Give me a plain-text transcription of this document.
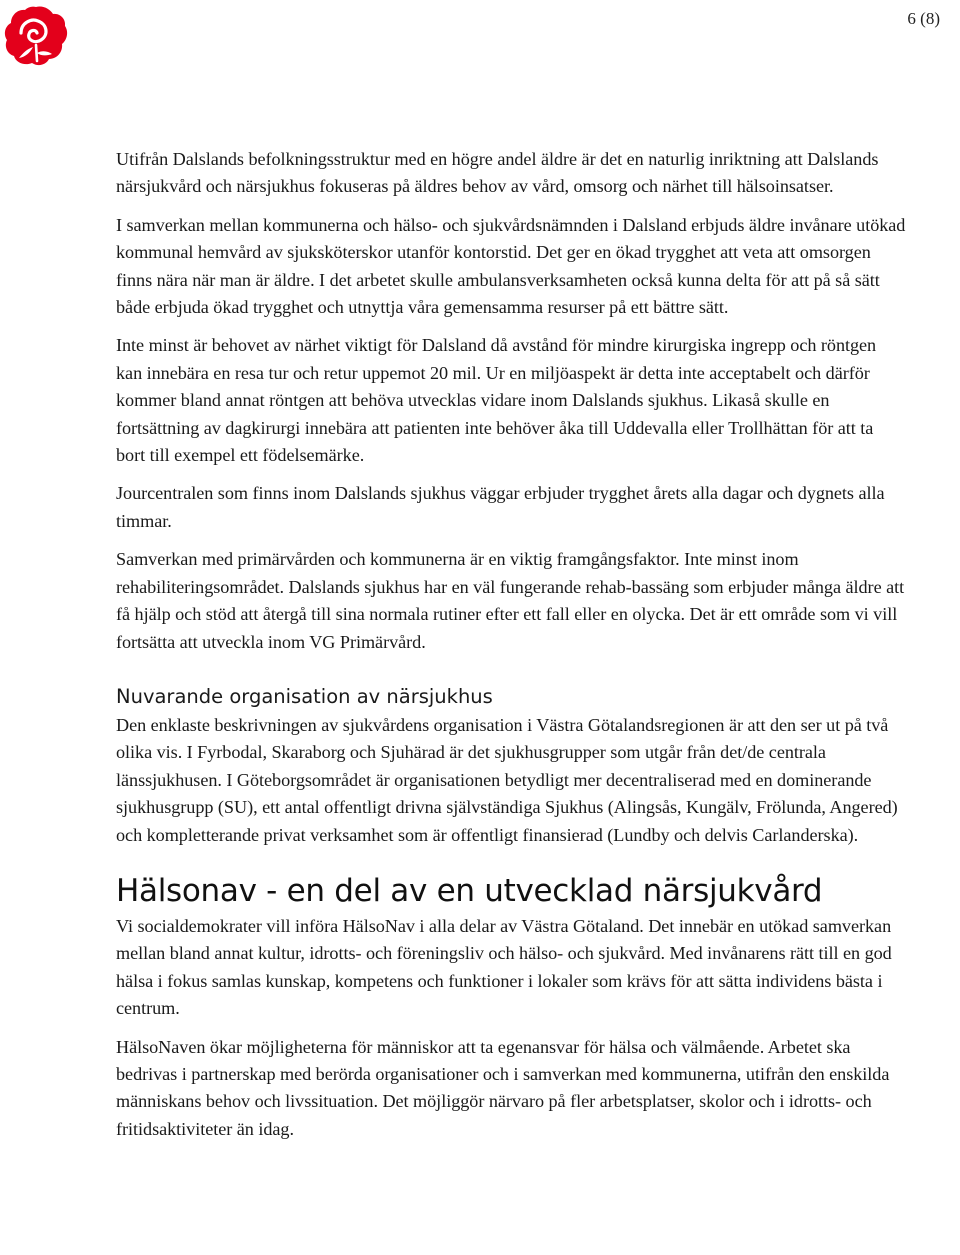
6 (8)

Utifrån Dalslands befolkningsstruktur med en högre andel äldre är det en naturlig inriktning att Dalslands närsjukvård och närsjukhus fokuseras på äldres behov av vård, omsorg och närhet till hälsoinsatser.

I samverkan mellan kommunerna och hälso- och sjukvårdsnämnden i Dalsland erbjuds äldre invånare utökad kommunal hemvård av sjuksköterskor utanför kontorstid. Det ger en ökad trygghet att veta att omsorgen finns nära när man är äldre. I det arbetet skulle ambulansverksamheten också kunna delta för att på så sätt både erbjuda ökad trygghet och utnyttja våra gemensamma resurser på ett bättre sätt.

Inte minst är behovet av närhet viktigt för Dalsland då avstånd för mindre kirurgiska ingrepp och röntgen kan innebära en resa tur och retur uppemot 20 mil. Ur en miljöaspekt är detta inte acceptabelt och därför kommer bland annat röntgen att behöva utvecklas vidare inom Dalslands sjukhus. Likaså skulle en fortsättning av dagkirurgi innebära att patienten inte behöver åka till Uddevalla eller Trollhättan för att ta bort till exempel ett födelsemärke.

Jourcentralen som finns inom Dalslands sjukhus väggar erbjuder trygghet årets alla dagar och dygnets alla timmar.

Samverkan med primärvården och kommunerna är en viktig framgångsfaktor. Inte minst inom rehabiliteringsområdet. Dalslands sjukhus har en väl fungerande rehab-bassäng som erbjuder många äldre att få hjälp och stöd att återgå till sina normala rutiner efter ett fall eller en olycka. Det är ett område som vi vill fortsätta att utveckla inom VG Primärvård.

Nuvarande organisation av närsjukhus

Den enklaste beskrivningen av sjukvårdens organisation i Västra Götalandsregionen är att den ser ut på två olika vis. I Fyrbodal, Skaraborg och Sjuhärad är det sjukhusgrupper som utgår från det/de centrala länssjukhusen. I Göteborgsområdet är organisationen betydligt mer decentraliserad med en dominerande sjukhusgrupp (SU), ett antal offentligt drivna självständiga Sjukhus (Alingsås, Kungälv, Frölunda, Angered) och kompletterande privat verksamhet som är offentligt finansierad (Lundby och delvis Carlanderska).

Hälsonav - en del av en utvecklad närsjukvård

Vi socialdemokrater vill införa HälsoNav i alla delar av Västra Götaland. Det innebär en utökad samverkan mellan bland annat kultur, idrotts- och föreningsliv och hälso- och sjukvård. Med invånarens rätt till en god hälsa i fokus samlas kunskap, kompetens och funktioner i lokaler som krävs för att sätta individens bästa i centrum.

HälsoNaven ökar möjligheterna för människor att ta egenansvar för hälsa och välmående. Arbetet ska bedrivas i partnerskap med berörda organisationer och i samverkan med kommunerna, utifrån den enskilda människans behov och livssituation. Det möjliggör närvaro på fler arbetsplatser, skolor och i idrotts- och fritidsaktiviteter än idag.
